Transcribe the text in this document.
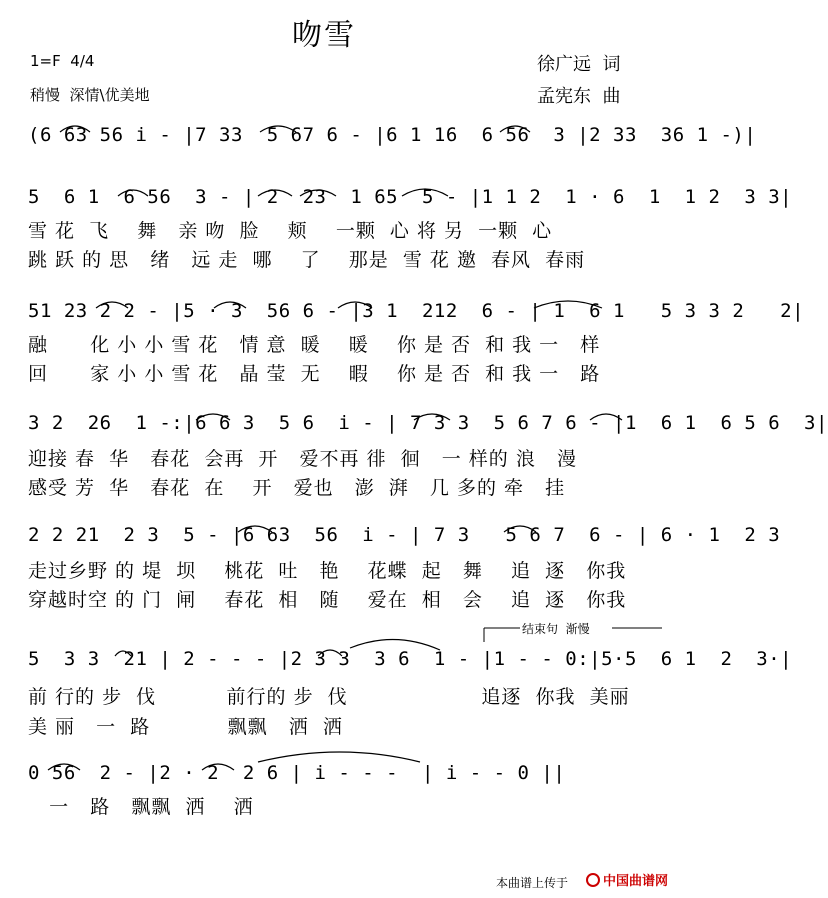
吻雪
1=F  4/4
稍慢  深情\优美地
徐广远  词
孟宪东  曲
(6 63 56 i - |7 33  5 67 6 - |6 1 16  6 56  3 |2 33  36 1 -)|
5  6 1  6 56  3 - | 2  23  1 65  5 - |1 1 2  1 · 6  1  1 2  3 3|
雪 花  飞    舞   亲 吻  脸    颊    一颗  心 将 另  一颗  心
跳 跃 的 思   绪   远 走  哪    了    那是  雪 花 邀  春风  春雨
51 23 2 2 - |5 · 3  56 6 - |3 1  212  6 - | 1  6 1   5 3 3 2   2|
融      化 小 小 雪 花   情 意  暖    暖    你 是 否  和 我 一   样
回      家 小 小 雪 花   晶 莹  无    暇    你 是 否  和 我 一   路
3 2  26  1 -:|6 6 3  5 6  i - | 7 3 3  5 6 7 6 - |1  6 1  6 5 6  3|
迎接 春  华   春花  会再  开   爱不再 徘  徊   一 样的 浪   漫
感受 芳  华   春花  在    开   爱也   澎  湃   几 多的 牵   挂
2 2 21  2 3  5 - |6 63  56  i - | 7 3   5 6 7  6 - | 6 · 1  2 3
走过乡野 的 堤  坝    桃花  吐   艳    花蝶  起   舞    追  逐   你我
穿越时空 的 门  闸    春花  相   随    爱在  相   会    追  逐   你我
结束句  渐慢
5  3 3  21 | 2 - - - |2 3 3  3 6  1 - |1 - - 0:|5·5  6 1  2  3·|
前 行的 步  伐          前行的 步  伐                   追逐  你我  美丽
美 丽   一  路           飘飘   洒  洒
0 56  2 - |2 · 2  2 6 | i - - -  | i - - 0 ||
一   路   飘飘  洒    洒
本曲谱上传于	中国曲谱网
